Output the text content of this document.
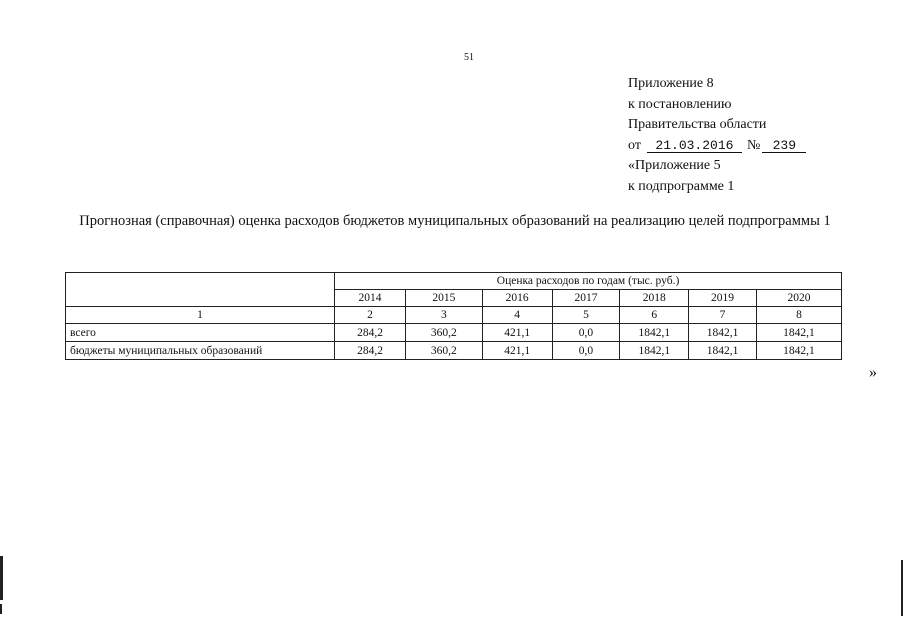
51
Приложение 8
к постановлению
Правительства области
от 21.03.2016 № 239
«Приложение 5
к подпрограмме 1
Прогнозная (справочная) оценка расходов бюджетов муниципальных образований на реализацию целей подпрограммы 1
	Оценка расходов по годам (тыс. руб.)						
	2014	2015	2016	2017	2018	2019	2020
1	2	3	4	5	6	7	8
всего	284,2	360,2	421,1	0,0	1842,1	1842,1	1842,1
бюджеты муниципальных образований	284,2	360,2	421,1	0,0	1842,1	1842,1	1842,1
»
